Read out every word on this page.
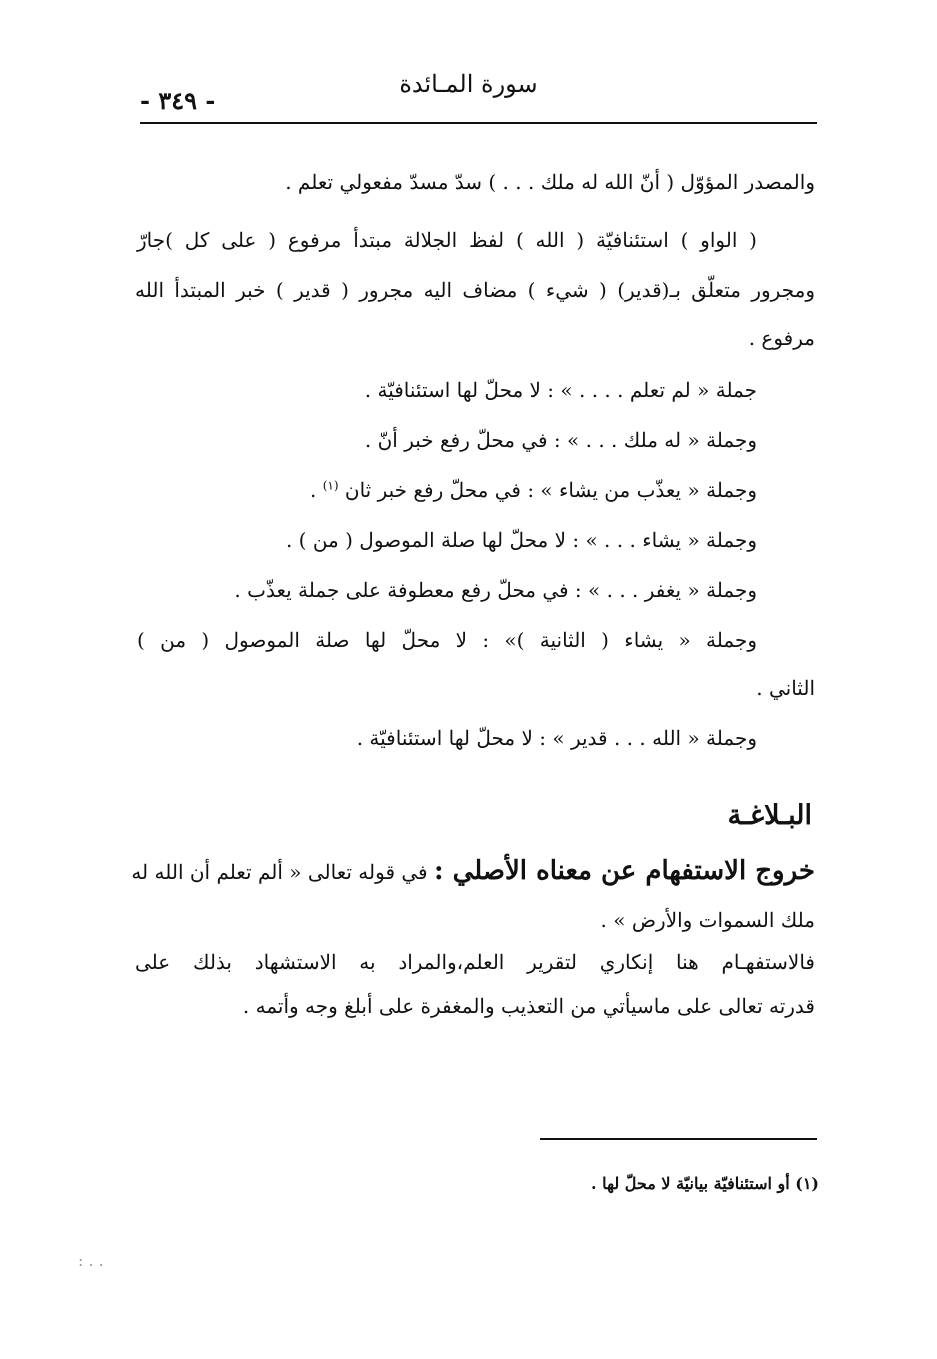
سورة المـائدة
- ٣٤٩ -
والمصدر المؤوّل ( أنّ الله له ملك . . . ) سدّ مسدّ مفعولي تعلم .
( الواو ) استئنافيّة ( الله ) لفظ الجلالة مبتدأ مرفوع ( على كل )جارّ
ومجرور متعلّق بـ(قدير) ( شيء ) مضاف اليه مجرور ( قدير ) خبر المبتدأ الله
مرفوع .
جملة « لم تعلم . . . . » : لا محلّ لها استئنافيّة .
وجملة « له ملك . . . » : في محلّ رفع خبر أنّ .
وجملة « يعذّب من يشاء » : في محلّ رفع خبر ثان $^{(١)}$ .
وجملة « يشاء . . . » : لا محلّ لها صلة الموصول ( من ) .
وجملة « يغفر . . . » : في محلّ رفع معطوفة على جملة يعذّب .
وجملة « يشاء ( الثانية )» : لا محلّ لها صلة الموصول ( من )
الثاني .
وجملة « الله . . . قدير » : لا محلّ لها استئنافيّة .
البـلاغـة
خروج الاستفهام عن معناه الأصلي : في قوله تعالى « ألم تعلم أن الله له
ملك السموات والأرض » .
فالاستفهـام هنا إنكاري لتقرير العلم،والمراد به الاستشهاد بذلك على
قدرته تعالى على ماسيأتي من التعذيب والمغفرة على أبلغ وجه وأتمه .
(١) أو استئنافيّة بيانيّة لا محلّ لها .
: . .
